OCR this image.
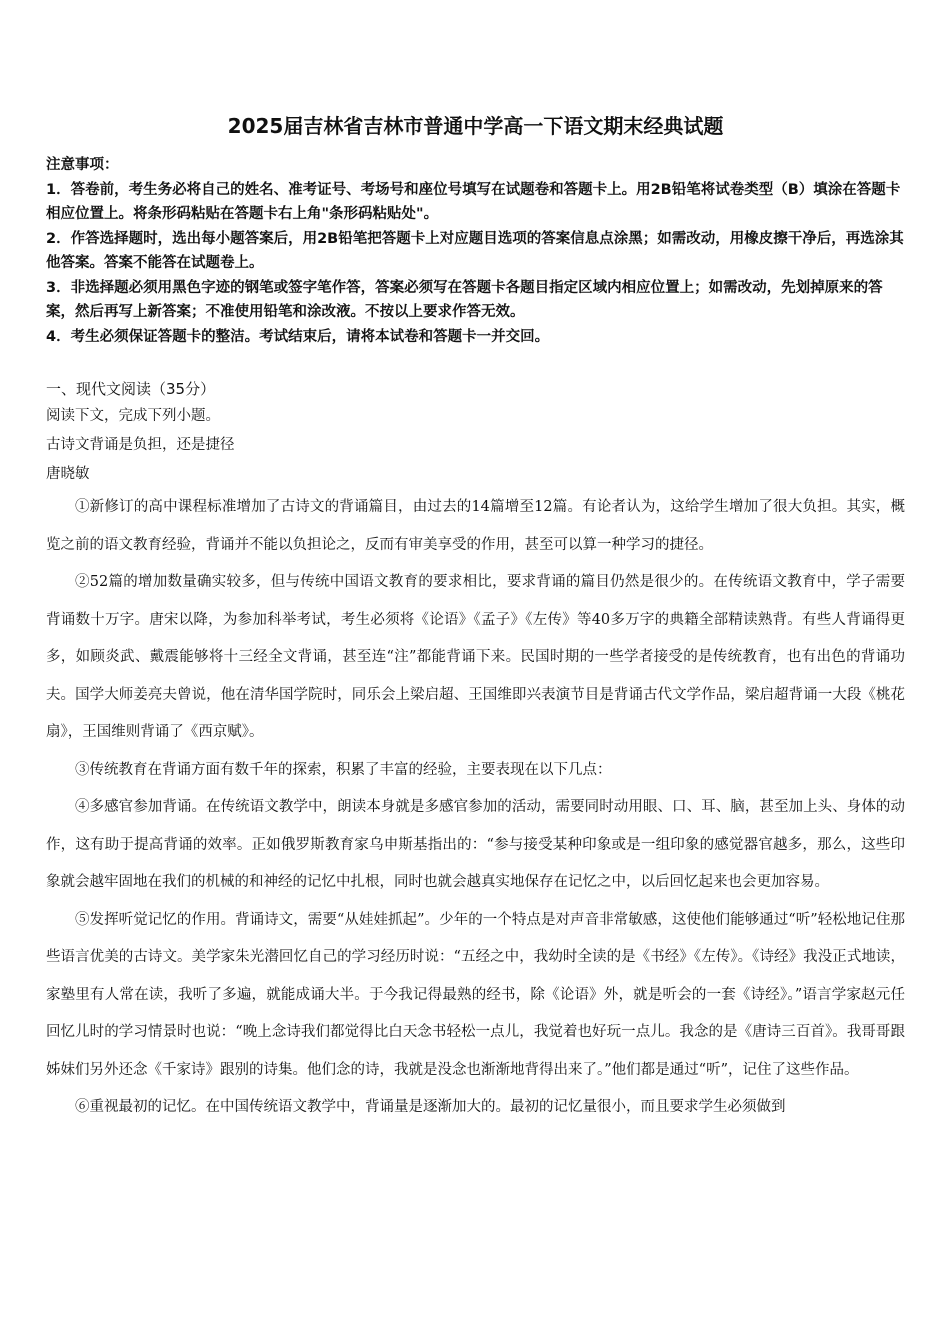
2025届吉林省吉林市普通中学高一下语文期末经典试题

注意事项：

1．答卷前，考生务必将自己的姓名、准考证号、考场号和座位号填写在试题卷和答题卡上。用2B铅笔将试卷类型（B）填涂在答题卡相应位置上。将条形码粘贴在答题卡右上角"条形码粘贴处"。

2．作答选择题时，选出每小题答案后，用2B铅笔把答题卡上对应题目选项的答案信息点涂黑；如需改动，用橡皮擦干净后，再选涂其他答案。答案不能答在试题卷上。

3．非选择题必须用黑色字迹的钢笔或签字笔作答，答案必须写在答题卡各题目指定区域内相应位置上；如需改动，先划掉原来的答案，然后再写上新答案；不准使用铅笔和涂改液。不按以上要求作答无效。

4．考生必须保证答题卡的整洁。考试结束后，请将本试卷和答题卡一并交回。

一、现代文阅读（35分）

阅读下文，完成下列小题。

古诗文背诵是负担，还是捷径

唐晓敏

①新修订的高中课程标准增加了古诗文的背诵篇目，由过去的14篇增至12篇。有论者认为，这给学生增加了很大负担。其实，概览之前的语文教育经验，背诵并不能以负担论之，反而有审美享受的作用，甚至可以算一种学习的捷径。

②52篇的增加数量确实较多，但与传统中国语文教育的要求相比，要求背诵的篇目仍然是很少的。在传统语文教育中，学子需要背诵数十万字。唐宋以降，为参加科举考试，考生必须将《论语》《孟子》《左传》等40多万字的典籍全部精读熟背。有些人背诵得更多，如顾炎武、戴震能够将十三经全文背诵，甚至连“注”都能背诵下来。民国时期的一些学者接受的是传统教育，也有出色的背诵功夫。国学大师姜亮夫曾说，他在清华国学院时，同乐会上梁启超、王国维即兴表演节目是背诵古代文学作品，梁启超背诵一大段《桃花扇》，王国维则背诵了《西京赋》。

③传统教育在背诵方面有数千年的探索，积累了丰富的经验，主要表现在以下几点：

④多感官参加背诵。在传统语文教学中，朗读本身就是多感官参加的活动，需要同时动用眼、口、耳、脑，甚至加上头、身体的动作，这有助于提高背诵的效率。正如俄罗斯教育家乌申斯基指出的：“参与接受某种印象或是一组印象的感觉器官越多，那么，这些印象就会越牢固地在我们的机械的和神经的记忆中扎根，同时也就会越真实地保存在记忆之中，以后回忆起来也会更加容易。

⑤发挥听觉记忆的作用。背诵诗文，需要“从娃娃抓起”。少年的一个特点是对声音非常敏感，这使他们能够通过“听”轻松地记住那些语言优美的古诗文。美学家朱光潜回忆自己的学习经历时说：“五经之中，我幼时全读的是《书经》《左传》。《诗经》我没正式地读，家塾里有人常在读，我听了多遍，就能成诵大半。于今我记得最熟的经书，除《论语》外，就是听会的一套《诗经》。”语言学家赵元任回忆儿时的学习情景时也说：“晚上念诗我们都觉得比白天念书轻松一点儿，我觉着也好玩一点儿。我念的是《唐诗三百首》。我哥哥跟姊妹们另外还念《千家诗》跟别的诗集。他们念的诗，我就是没念也渐渐地背得出来了。”他们都是通过“听”，记住了这些作品。

⑥重视最初的记忆。在中国传统语文教学中，背诵量是逐渐加大的。最初的记忆量很小，而且要求学生必须做到
